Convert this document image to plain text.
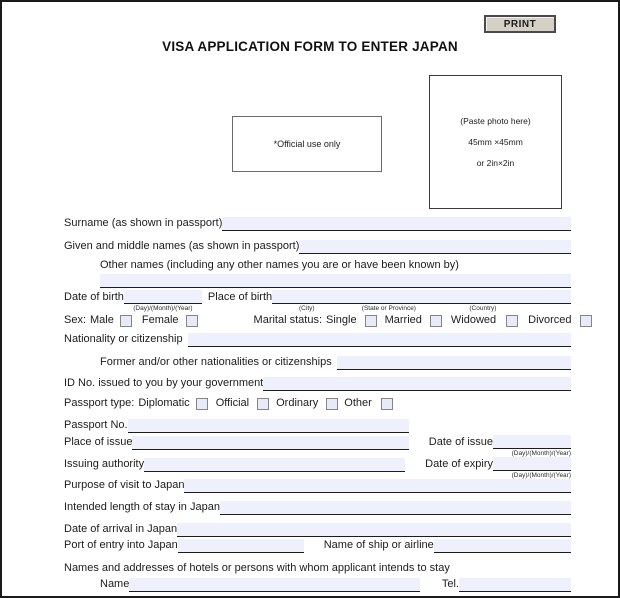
PRINT
VISA APPLICATION FORM TO ENTER JAPAN
*Official use only
(Paste photo here)
45mm ×45mm
or 2in×2in
Surname (as shown in passport)
Given and middle names (as shown in passport)
Other names (including any other names you are or have been known by)
Date of birth
(Day)/(Month)/(Year)
Place of birth
(City)	(State or Province)	(Country)
Sex: Male	Female	Marital status: Single	Married	Widowed	Divorced
Nationality or citizenship
Former and/or other nationalities or citizenships
ID No. issued to you by your government
Passport type: Diplomatic Official Ordinary Other
Passport No.
Place of issue	Date of issue
(Day)/(Month)/(Year)
Issuing authority	Date of expiry
(Day)/(Month)/(Year)
Purpose of visit to Japan
Intended length of stay in Japan
Date of arrival in Japan
Port of entry into Japan	Name of ship or airline
Names and addresses of hotels or persons with whom applicant intends to stay
Name	Tel.
